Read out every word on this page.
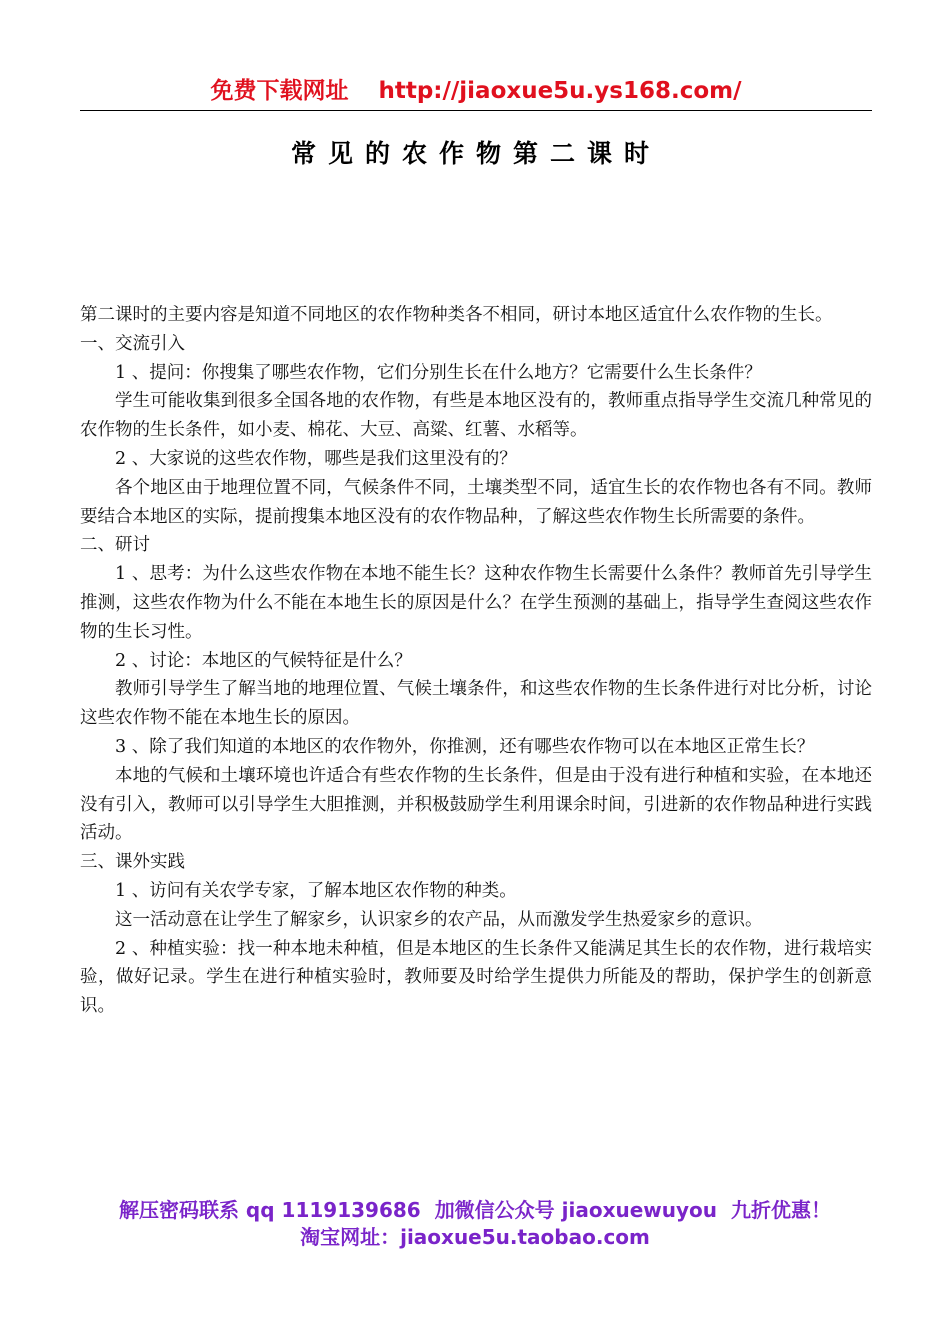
免费下载网址 http://jiaoxue5u.ys168.com/
常见的农作物第二课时

第二课时的主要内容是知道不同地区的农作物种类各不相同，研讨本地区适宜什么农作物的生长。

一、交流引入

1 、提问：你搜集了哪些农作物，它们分别生长在什么地方？它需要什么生长条件？

学生可能收集到很多全国各地的农作物，有些是本地区没有的，教师重点指导学生交流几种常见的农作物的生长条件，如小麦、棉花、大豆、高粱、红薯、水稻等。

2 、大家说的这些农作物，哪些是我们这里没有的？

各个地区由于地理位置不同，气候条件不同，土壤类型不同，适宜生长的农作物也各有不同。教师要结合本地区的实际，提前搜集本地区没有的农作物品种，了解这些农作物生长所需要的条件。

二、研讨

1 、思考：为什么这些农作物在本地不能生长？这种农作物生长需要什么条件？教师首先引导学生推测，这些农作物为什么不能在本地生长的原因是什么？在学生预测的基础上，指导学生查阅这些农作物的生长习性。

2 、讨论：本地区的气候特征是什么？

教师引导学生了解当地的地理位置、气候土壤条件，和这些农作物的生长条件进行对比分析，讨论这些农作物不能在本地生长的原因。

3 、除了我们知道的本地区的农作物外，你推测，还有哪些农作物可以在本地区正常生长？

本地的气候和土壤环境也许适合有些农作物的生长条件，但是由于没有进行种植和实验，在本地还没有引入，教师可以引导学生大胆推测，并积极鼓励学生利用课余时间，引进新的农作物品种进行实践活动。

三、课外实践

1 、访问有关农学专家，了解本地区农作物的种类。

这一活动意在让学生了解家乡，认识家乡的农产品，从而激发学生热爱家乡的意识。

2 、种植实验：找一种本地未种植，但是本地区的生长条件又能满足其生长的农作物，进行栽培实验，做好记录。学生在进行种植实验时，教师要及时给学生提供力所能及的帮助，保护学生的创新意识。

解压密码联系 qq 1119139686 加微信公众号 jiaoxuewuyou 九折优惠！
淘宝网址：jiaoxue5u.taobao.com
